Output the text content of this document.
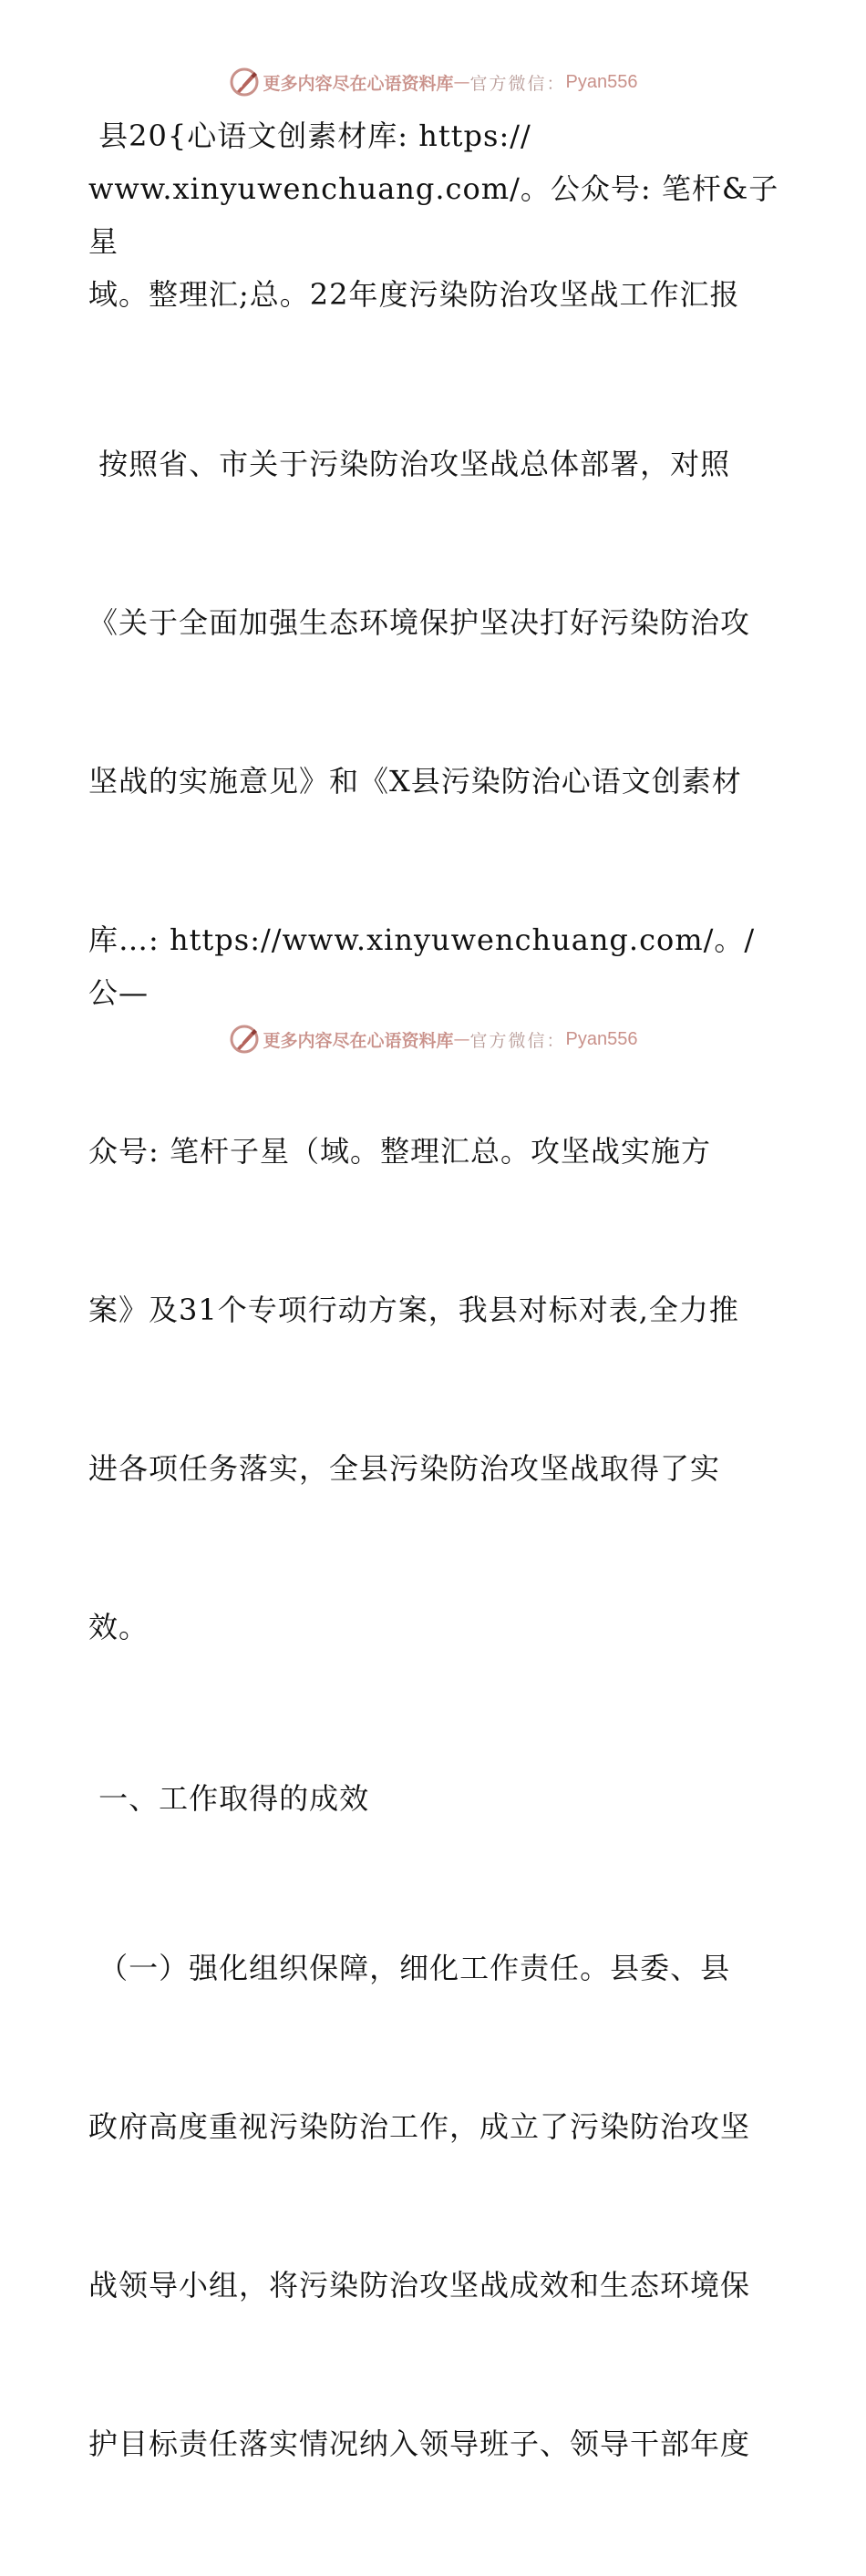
更多内容尽在心语资料库 — 官方微信： Pyan556

县20{心语文创素材库: https://

www.xinyuwenchuang.com/。公众号: 笔杆&子星

域。整理汇;总。22年度污染防治攻坚战工作汇报

按照省、市关于污染防治攻坚战总体部署，对照

《关于全面加强生态环境保护坚决打好污染防治攻

坚战的实施意见》和《X县污染防治心语文创素材

库…: https://www.xinyuwenchuang.com/。/公—

众号: 笔杆子星（域。整理汇总。攻坚战实施方

案》及31个专项行动方案，我县对标对表,全力推

进各项任务落实，全县污染防治攻坚战取得了实

效。

一、工作取得的成效

（一）强化组织保障，细化工作责任。县委、县

政府高度重视污染防治工作，成立了污染防治攻坚

战领导小组，将污染防治攻坚战成效和生态环境保

护目标责任落实情况纳入领导班子、领导干部年度

更多内容尽在心语资料库 — 官方微信： Pyan556
